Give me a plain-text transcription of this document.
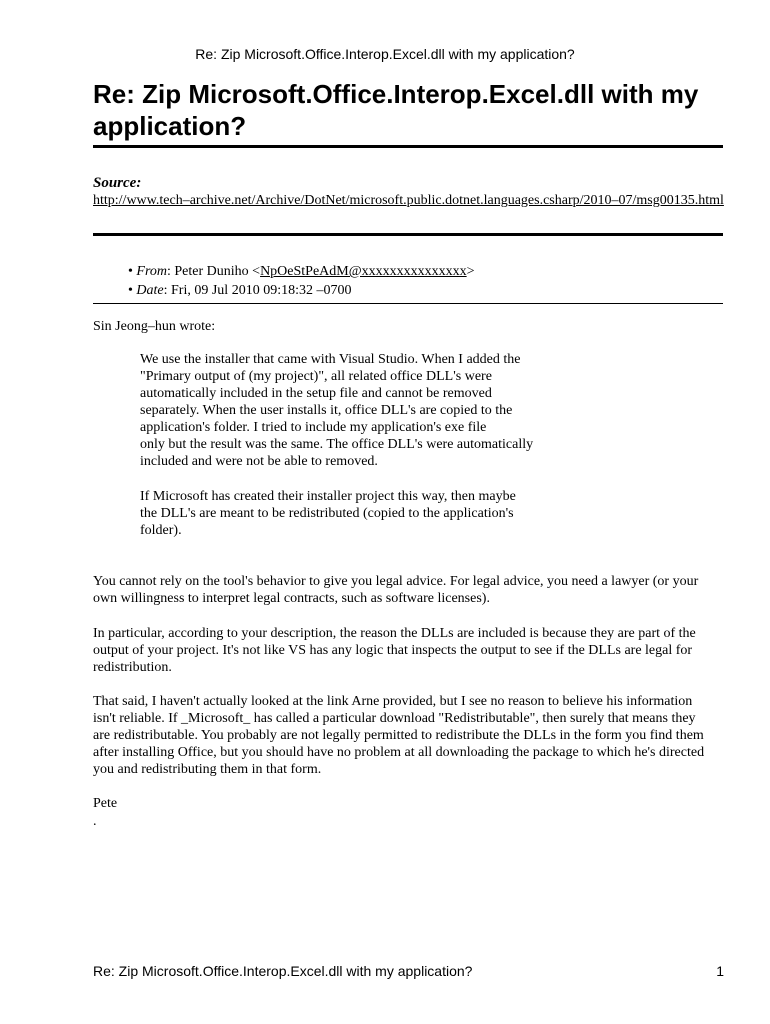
Re: Zip Microsoft.Office.Interop.Excel.dll with my application?
Re: Zip Microsoft.Office.Interop.Excel.dll with my application?
Source:
http://www.tech–archive.net/Archive/DotNet/microsoft.public.dotnet.languages.csharp/2010–07/msg00135.html
• From: Peter Duniho <NpOeStPeAdM@xxxxxxxxxxxxxxx>
• Date: Fri, 09 Jul 2010 09:18:32 –0700

Sin Jeong–hun wrote:

We use the installer that came with Visual Studio. When I added the
"Primary output of (my project)", all related office DLL's were
automatically included in the setup file and cannot be removed
separately. When the user installs it, office DLL's are copied to the
application's folder. I tried to include my application's exe file
only but the result was the same. The office DLL's were automatically
included and were not be able to removed.
If Microsoft has created their installer project this way, then maybe
the DLL's are meant to be redistributed (copied to the application's
folder).
You cannot rely on the tool's behavior to give you legal advice. For legal advice, you need a lawyer (or your
own willingness to interpret legal contracts, such as software licenses).
In particular, according to your description, the reason the DLLs are included is because they are part of the
output of your project. It's not like VS has any logic that inspects the output to see if the DLLs are legal for
redistribution.
That said, I haven't actually looked at the link Arne provided, but I see no reason to believe his information
isn't reliable. If _Microsoft_ has called a particular download "Redistributable", then surely that means they
are redistributable. You probably are not legally permitted to redistribute the DLLs in the form you find them
after installing Office, but you should have no problem at all downloading the package to which he's directed
you and redistributing them in that form.

Pete

.

Re: Zip Microsoft.Office.Interop.Excel.dll with my application?	1
